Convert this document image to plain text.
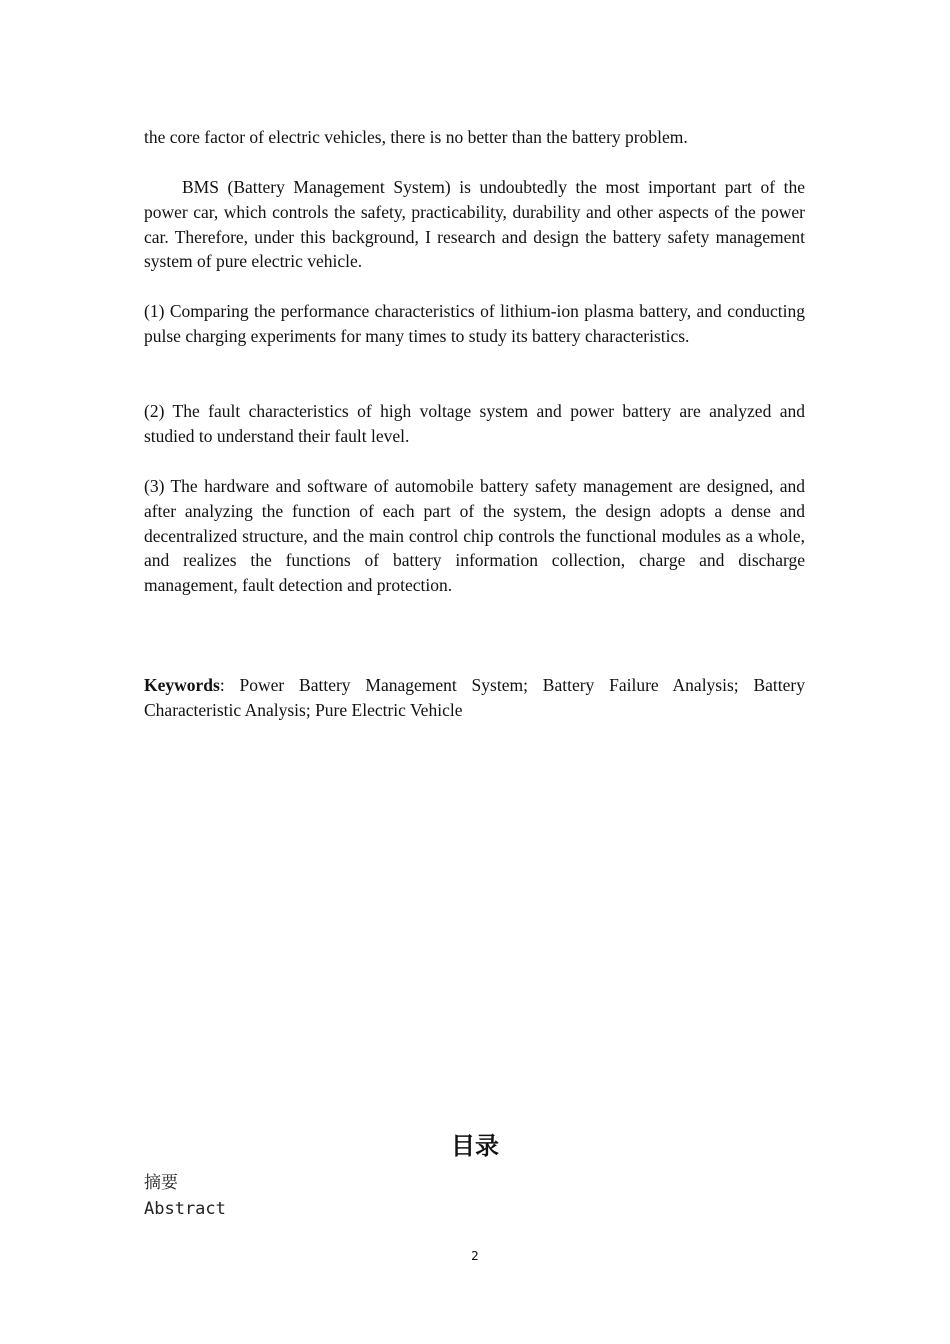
the core factor of electric vehicles, there is no better than the battery problem.

BMS (Battery Management System) is undoubtedly the most important part of the power car, which controls the safety, practicability, durability and other aspects of the power car. Therefore, under this background, I research and design the battery safety management system of pure electric vehicle.

(1) Comparing the performance characteristics of lithium-ion plasma battery, and conducting pulse charging experiments for many times to study its battery characteristics.

(2) The fault characteristics of high voltage system and power battery are analyzed and studied to understand their fault level.

(3) The hardware and software of automobile battery safety management are designed, and after analyzing the function of each part of the system, the design adopts a dense and decentralized structure, and the main control chip controls the functional modules as a whole, and realizes the functions of battery information collection, charge and discharge management, fault detection and protection.

Keywords: Power Battery Management System; Battery Failure Analysis; Battery Characteristic Analysis; Pure Electric Vehicle

目录

摘要

Abstract

2
